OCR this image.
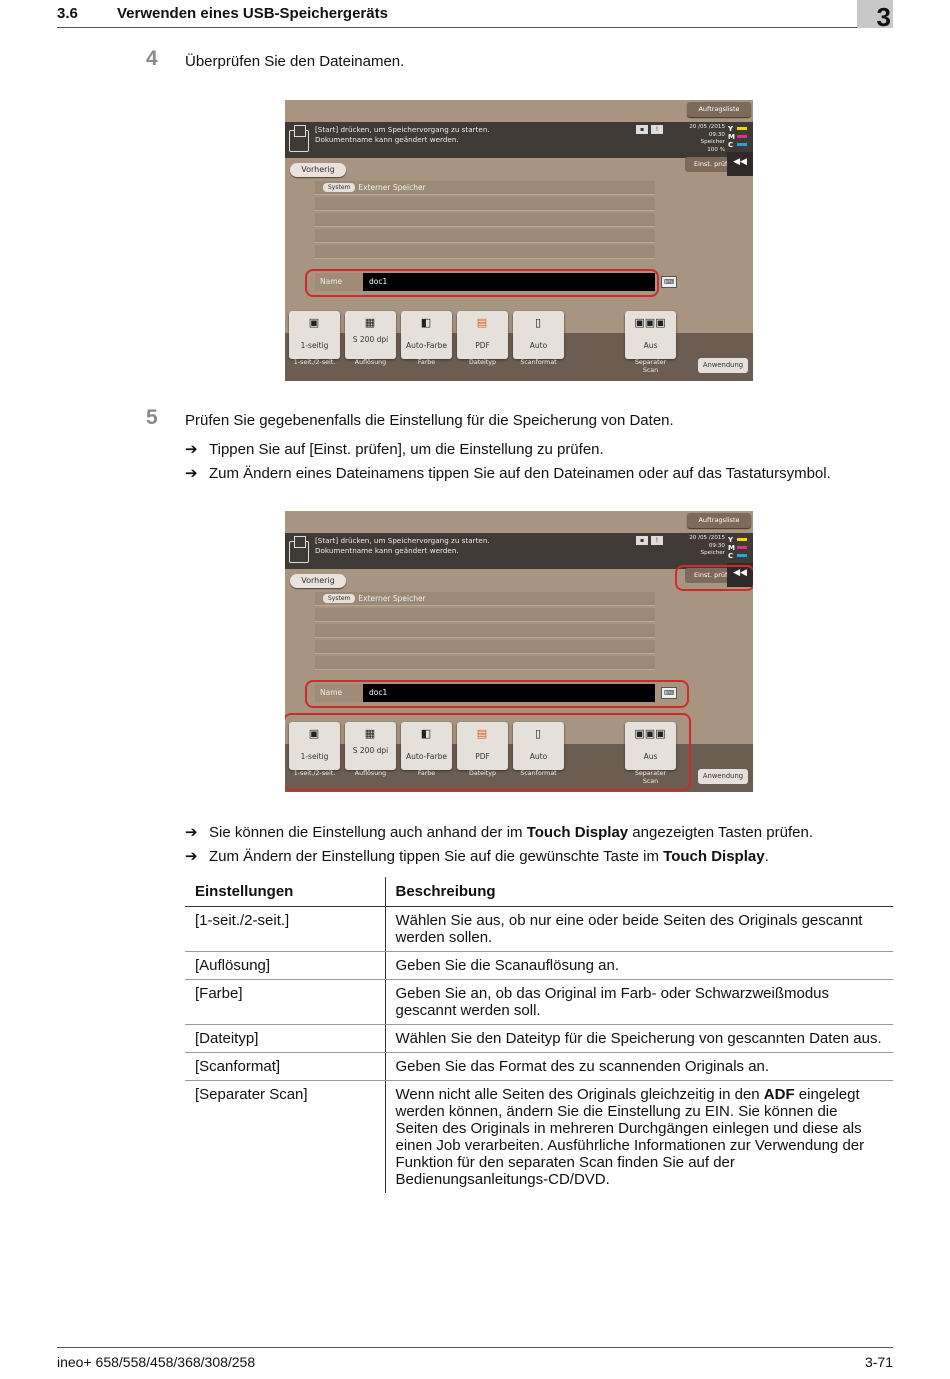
3.6	Verwenden eines USB-Speichergeräts	3
4 Überprüfen Sie den Dateinamen.
Auftragsliste
[Start] drücken, um Speichervorgang zu starten.
Dokumentname kann geändert werden.
▪	!	20 /05 /2015
09:30
Speicher
100 %
Y
M
C
Einst. prüf ◀◀
Vorherig
System Externer Speicher
Name	doc1	⌨
▣
1-seitig
▦
S 200 dpi
◧
Auto-Farbe
▤
PDF
▯
Auto
▣▣▣
Aus
1-seit./2-seit.	Auflösung	Farbe	Dateityp	Scanformat	Separater
Scan
Anwendung
5 Prüfen Sie gegebenenfalls die Einstellung für die Speicherung von Daten.
➔ Tippen Sie auf [Einst. prüfen], um die Einstellung zu prüfen.
➔ Zum Ändern eines Dateinamens tippen Sie auf den Dateinamen oder auf das Tastatursymbol.
Auftragsliste
[Start] drücken, um Speichervorgang zu starten.
Dokumentname kann geändert werden.
▪	!	20 /05 /2015
09:30
Speicher
Y
M
C
Einst. prüf ◀◀
Vorherig
System Externer Speicher
Name	doc1	⌨
▣
1-seitig
▦
S 200 dpi
◧
Auto-Farbe
▤
PDF
▯
Auto
▣▣▣
Aus
1-seit./2-seit.	Auflösung	Farbe	Dateityp	Scanformat	Separater
Scan
Anwendung
➔ Sie können die Einstellung auch anhand der im Touch Display angezeigten Tasten prüfen.
➔ Zum Ändern der Einstellung tippen Sie auf die gewünschte Taste im Touch Display.
Einstellungen	Beschreibung
[1-seit./2-seit.]	Wählen Sie aus, ob nur eine oder beide Seiten des Originals gescannt werden sollen.
[Auflösung]	Geben Sie die Scanauflösung an.
[Farbe]	Geben Sie an, ob das Original im Farb- oder Schwarzweißmodus gescannt werden soll.
[Dateityp]	Wählen Sie den Dateityp für die Speicherung von gescannten Daten aus.
[Scanformat]	Geben Sie das Format des zu scannenden Originals an.
[Separater Scan]	Wenn nicht alle Seiten des Originals gleichzeitig in den ADF eingelegt werden können, ändern Sie die Einstellung zu EIN. Sie können die Seiten des Originals in mehreren Durchgängen einlegen und diese als einen Job verarbeiten. Ausführliche Informationen zur Verwendung der Funktion für den separaten Scan finden Sie auf der Bedienungsanleitungs-CD/DVD.
ineo+ 658/558/458/368/308/258	3-71
